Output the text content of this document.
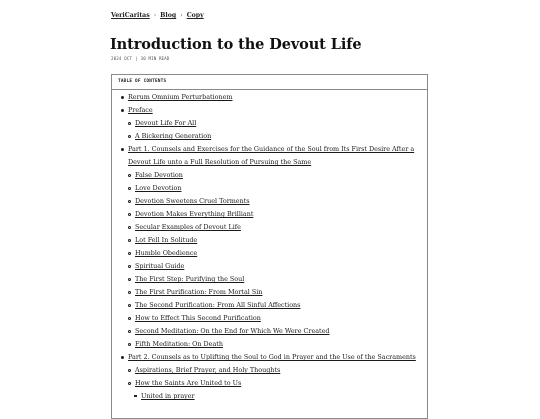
VeriCaritas › Blog › Copy
Introduction to the Devout Life
2024 OCT | 30 MIN READ
TABLE OF CONTENTS
Rerum Omnium Perturbationem
Preface
Devout Life For All
A Bickering Generation
Part 1. Counsels and Exercises for the Guidance of the Soul from Its First Desire After a
Devout Life unto a Full Resolution of Pursuing the Same
False Devotion
Love Devotion
Devotion Sweetens Cruel Torments
Devotion Makes Everything Brilliant
Secular Examples of Devout Life
Lot Fell In Solitude
Humble Obedience
Spiritual Guide
The First Step: Purifying the Soul
The First Purification: From Mortal Sin
The Second Purification: From All Sinful Affections
How to Effect This Second Purification
Second Meditation: On the End for Which We Were Created
Fifth Meditation: On Death
Part 2. Counsels as to Uplifting the Soul to God in Prayer and the Use of the Sacraments
Aspirations, Brief Prayer, and Holy Thoughts
How the Saints Are United to Us
United in prayer
